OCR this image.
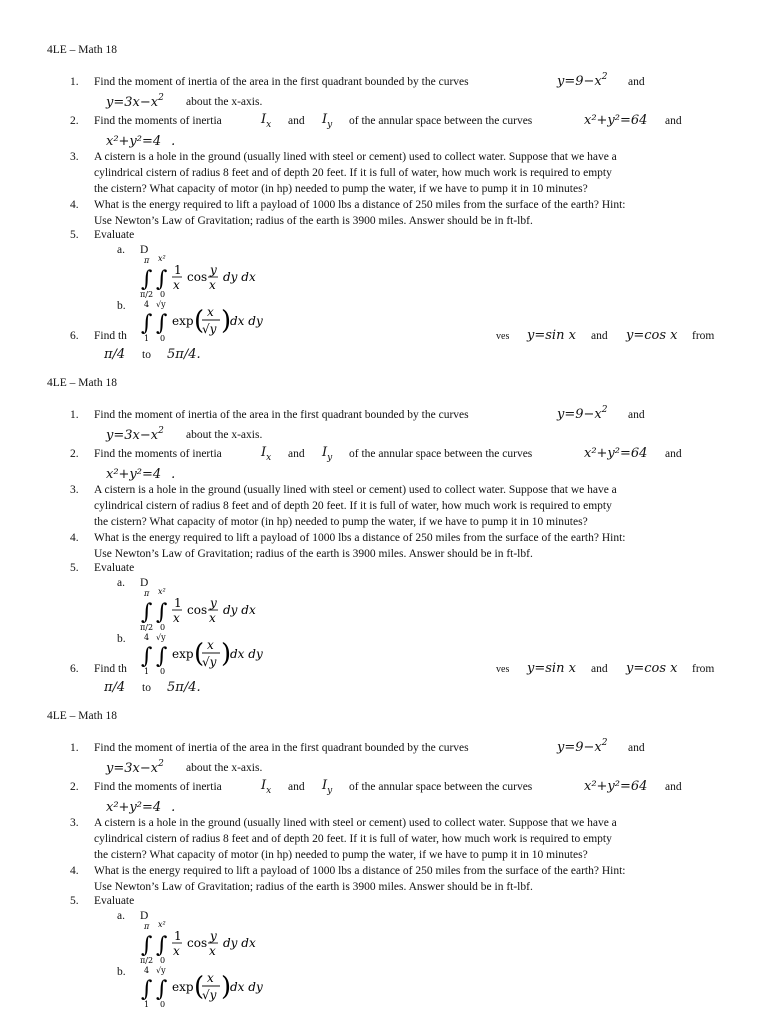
4LE – Math 18
1. Find the moment of inertia of the area in the first quadrant bounded by the curves	$y=9-x^2$ and
$y=3x-x^2$ about the x-axis.
2. Find the moments of inertia	$I_x$ and $I_y$ of the annular space between the curves	x²+y²=64 and
x²+y²=4 .
3. A cistern is a hole in the ground (usually lined with steel or cement) used to collect water. Suppose that we have a
cylindrical cistern of radius 8 feet and of depth 20 feet. If it is full of water, how much work is required to empty
the cistern? What capacity of motor (in hp) needed to pump the water, if we have to pump it in 10 minutes?
4. What is the energy required to lift a payload of 1000 lbs a distance of 250 miles from the surface of the earth? Hint:
Use Newton’s Law of Gravitation; radius of the earth is 3900 miles. Answer should be in ft-lbf.
5. Evaluate
a. D
π
∫
π/2
x²
∫
0
1
x
cos y
x
dy dx
b. 4
∫
1
√y
∫
0
exp ( x
√y )
dx dy
6. Find th	ves y=sin x and y=cos x from
π/4 to 5π/4.
4LE – Math 18
1. Find the moment of inertia of the area in the first quadrant bounded by the curves	$y=9-x^2$ and
$y=3x-x^2$ about the x-axis.
2. Find the moments of inertia	$I_x$ and $I_y$ of the annular space between the curves	x²+y²=64 and
x²+y²=4 .
3. A cistern is a hole in the ground (usually lined with steel or cement) used to collect water. Suppose that we have a
cylindrical cistern of radius 8 feet and of depth 20 feet. If it is full of water, how much work is required to empty
the cistern? What capacity of motor (in hp) needed to pump the water, if we have to pump it in 10 minutes?
4. What is the energy required to lift a payload of 1000 lbs a distance of 250 miles from the surface of the earth? Hint:
Use Newton’s Law of Gravitation; radius of the earth is 3900 miles. Answer should be in ft-lbf.
5. Evaluate
a. D
π
∫
π/2
x²
∫
0
1
x
cos y
x
dy dx
b. 4
∫
1
√y
∫
0
exp ( x
√y )
dx dy
6. Find th	ves y=sin x and y=cos x from
π/4 to 5π/4.
4LE – Math 18
1. Find the moment of inertia of the area in the first quadrant bounded by the curves	$y=9-x^2$ and
$y=3x-x^2$ about the x-axis.
2. Find the moments of inertia	$I_x$ and $I_y$ of the annular space between the curves	x²+y²=64 and
x²+y²=4 .
3. A cistern is a hole in the ground (usually lined with steel or cement) used to collect water. Suppose that we have a
cylindrical cistern of radius 8 feet and of depth 20 feet. If it is full of water, how much work is required to empty
the cistern? What capacity of motor (in hp) needed to pump the water, if we have to pump it in 10 minutes?
4. What is the energy required to lift a payload of 1000 lbs a distance of 250 miles from the surface of the earth? Hint:
Use Newton’s Law of Gravitation; radius of the earth is 3900 miles. Answer should be in ft-lbf.
5. Evaluate
a. D
π
∫
π/2
x²
∫
0
1
x
cos y
x
dy dx
b. 4
∫
1
√y
∫
0
exp ( x
√y )
dx dy
